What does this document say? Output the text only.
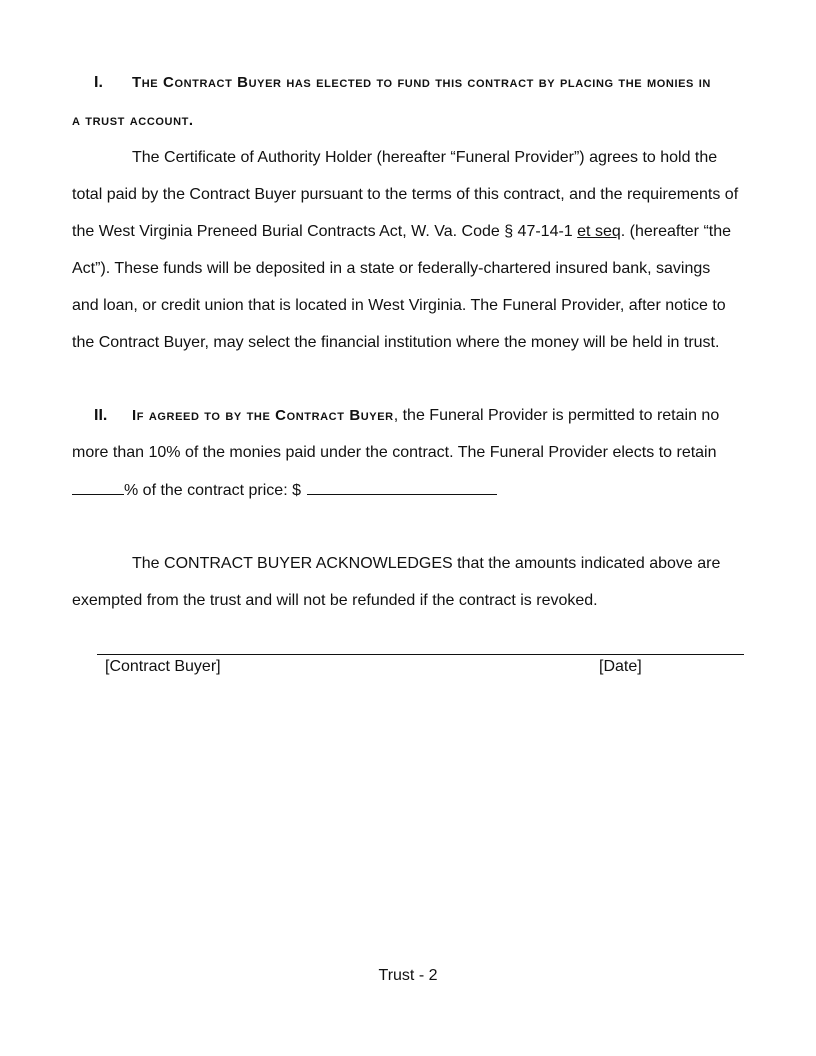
I. The Contract Buyer has elected to fund this contract by placing the monies in
a trust account.
The Certificate of Authority Holder (hereafter “Funeral Provider”) agrees to hold the
total paid by the Contract Buyer pursuant to the terms of this contract, and the requirements of
the West Virginia Preneed Burial Contracts Act, W. Va. Code § 47-14-1 et seq. (hereafter “the
Act”). These funds will be deposited in a state or federally-chartered insured bank, savings
and loan, or credit union that is located in West Virginia. The Funeral Provider, after notice to
the Contract Buyer, may select the financial institution where the money will be held in trust.
II. If agreed to by the Contract Buyer, the Funeral Provider is permitted to retain no
more than 10% of the monies paid under the contract. The Funeral Provider elects to retain
% of the contract price: $
The CONTRACT BUYER ACKNOWLEDGES that the amounts indicated above are
exempted from the trust and will not be refunded if the contract is revoked.
[Contract Buyer]	[Date]
Trust - 2
